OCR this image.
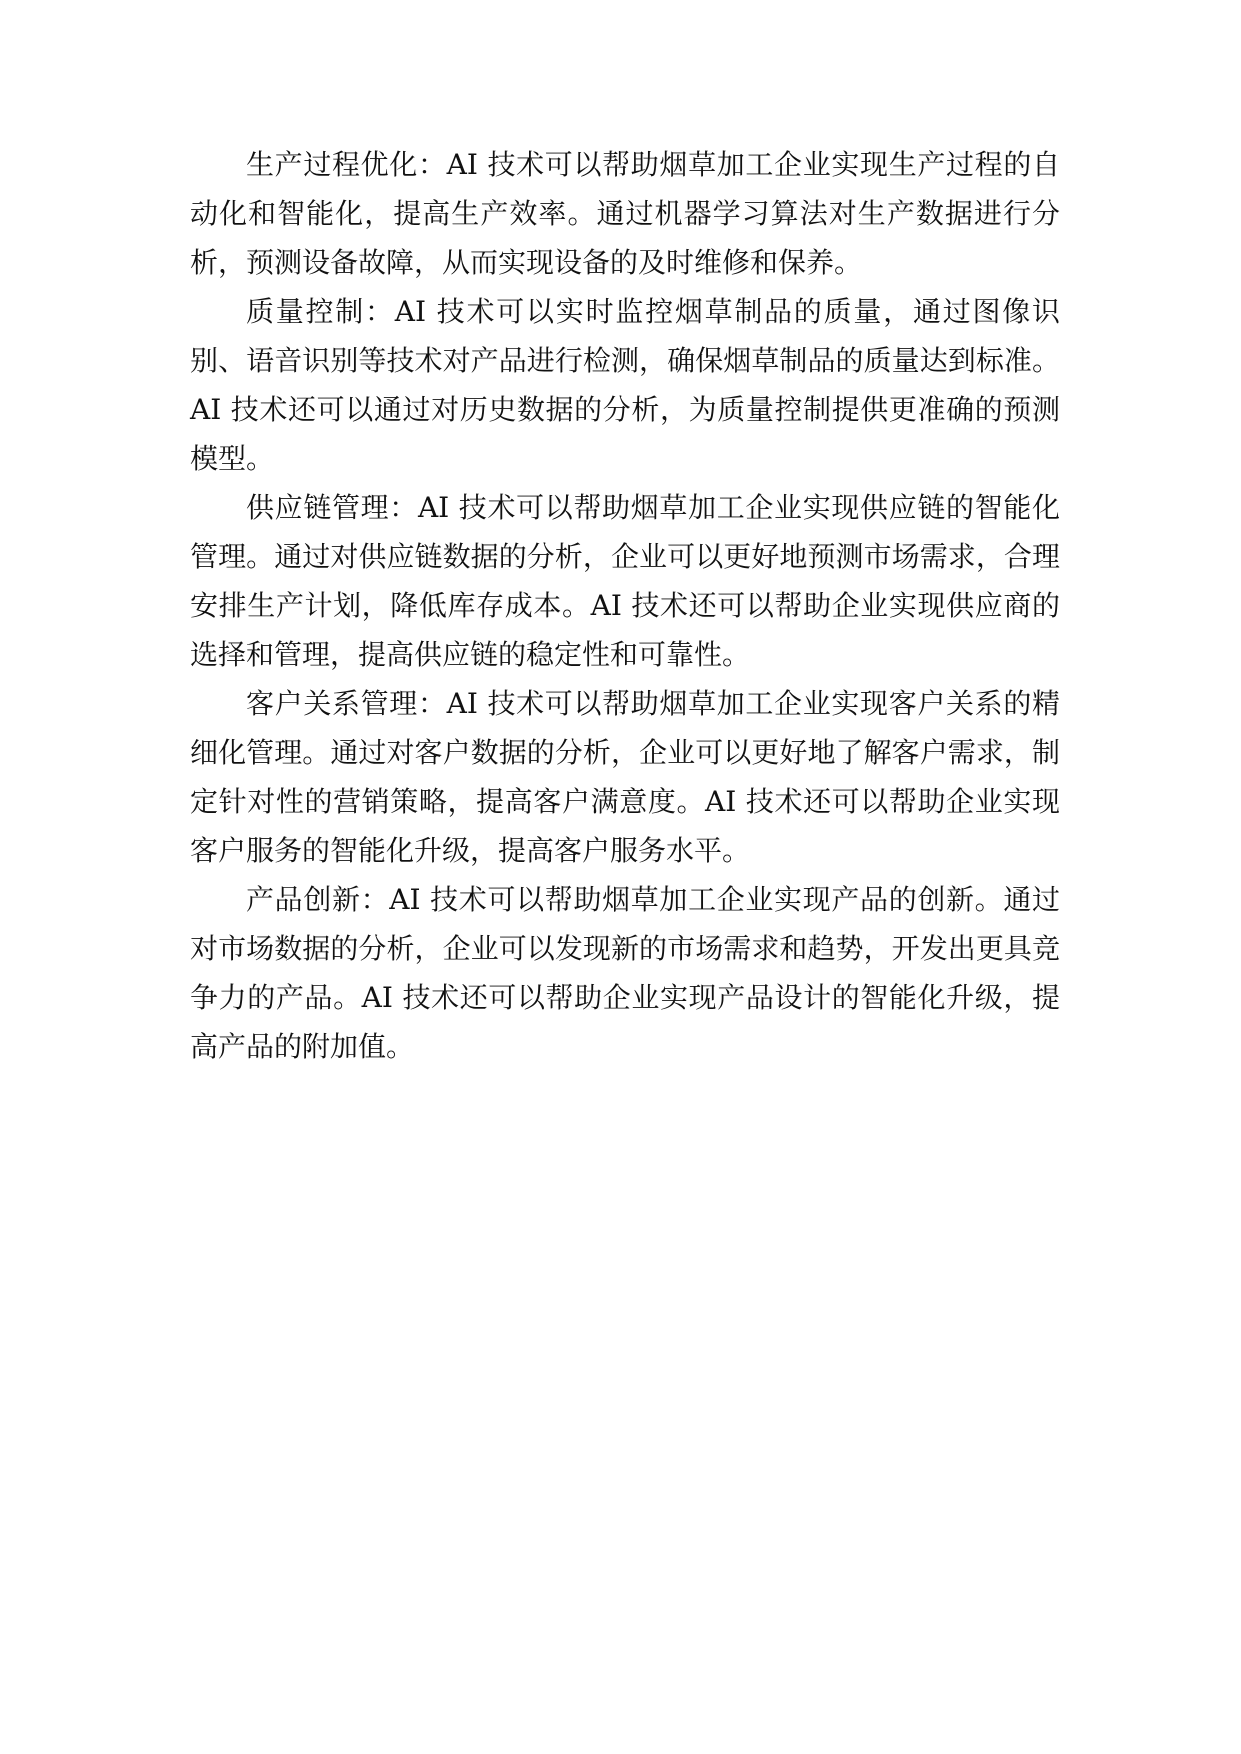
生产过程优化：AI 技术可以帮助烟草加工企业实现生产过程的自动化和智能化，提高生产效率。通过机器学习算法对生产数据进行分析，预测设备故障，从而实现设备的及时维修和保养。

质量控制：AI 技术可以实时监控烟草制品的质量，通过图像识别、语音识别等技术对产品进行检测，确保烟草制品的质量达到标准。AI 技术还可以通过对历史数据的分析，为质量控制提供更准确的预测模型。

供应链管理：AI 技术可以帮助烟草加工企业实现供应链的智能化管理。通过对供应链数据的分析，企业可以更好地预测市场需求，合理安排生产计划，降低库存成本。AI 技术还可以帮助企业实现供应商的选择和管理，提高供应链的稳定性和可靠性。

客户关系管理：AI 技术可以帮助烟草加工企业实现客户关系的精细化管理。通过对客户数据的分析，企业可以更好地了解客户需求，制定针对性的营销策略，提高客户满意度。AI 技术还可以帮助企业实现客户服务的智能化升级，提高客户服务水平。

产品创新：AI 技术可以帮助烟草加工企业实现产品的创新。通过对市场数据的分析，企业可以发现新的市场需求和趋势，开发出更具竞争力的产品。AI 技术还可以帮助企业实现产品设计的智能化升级，提高产品的附加值。
